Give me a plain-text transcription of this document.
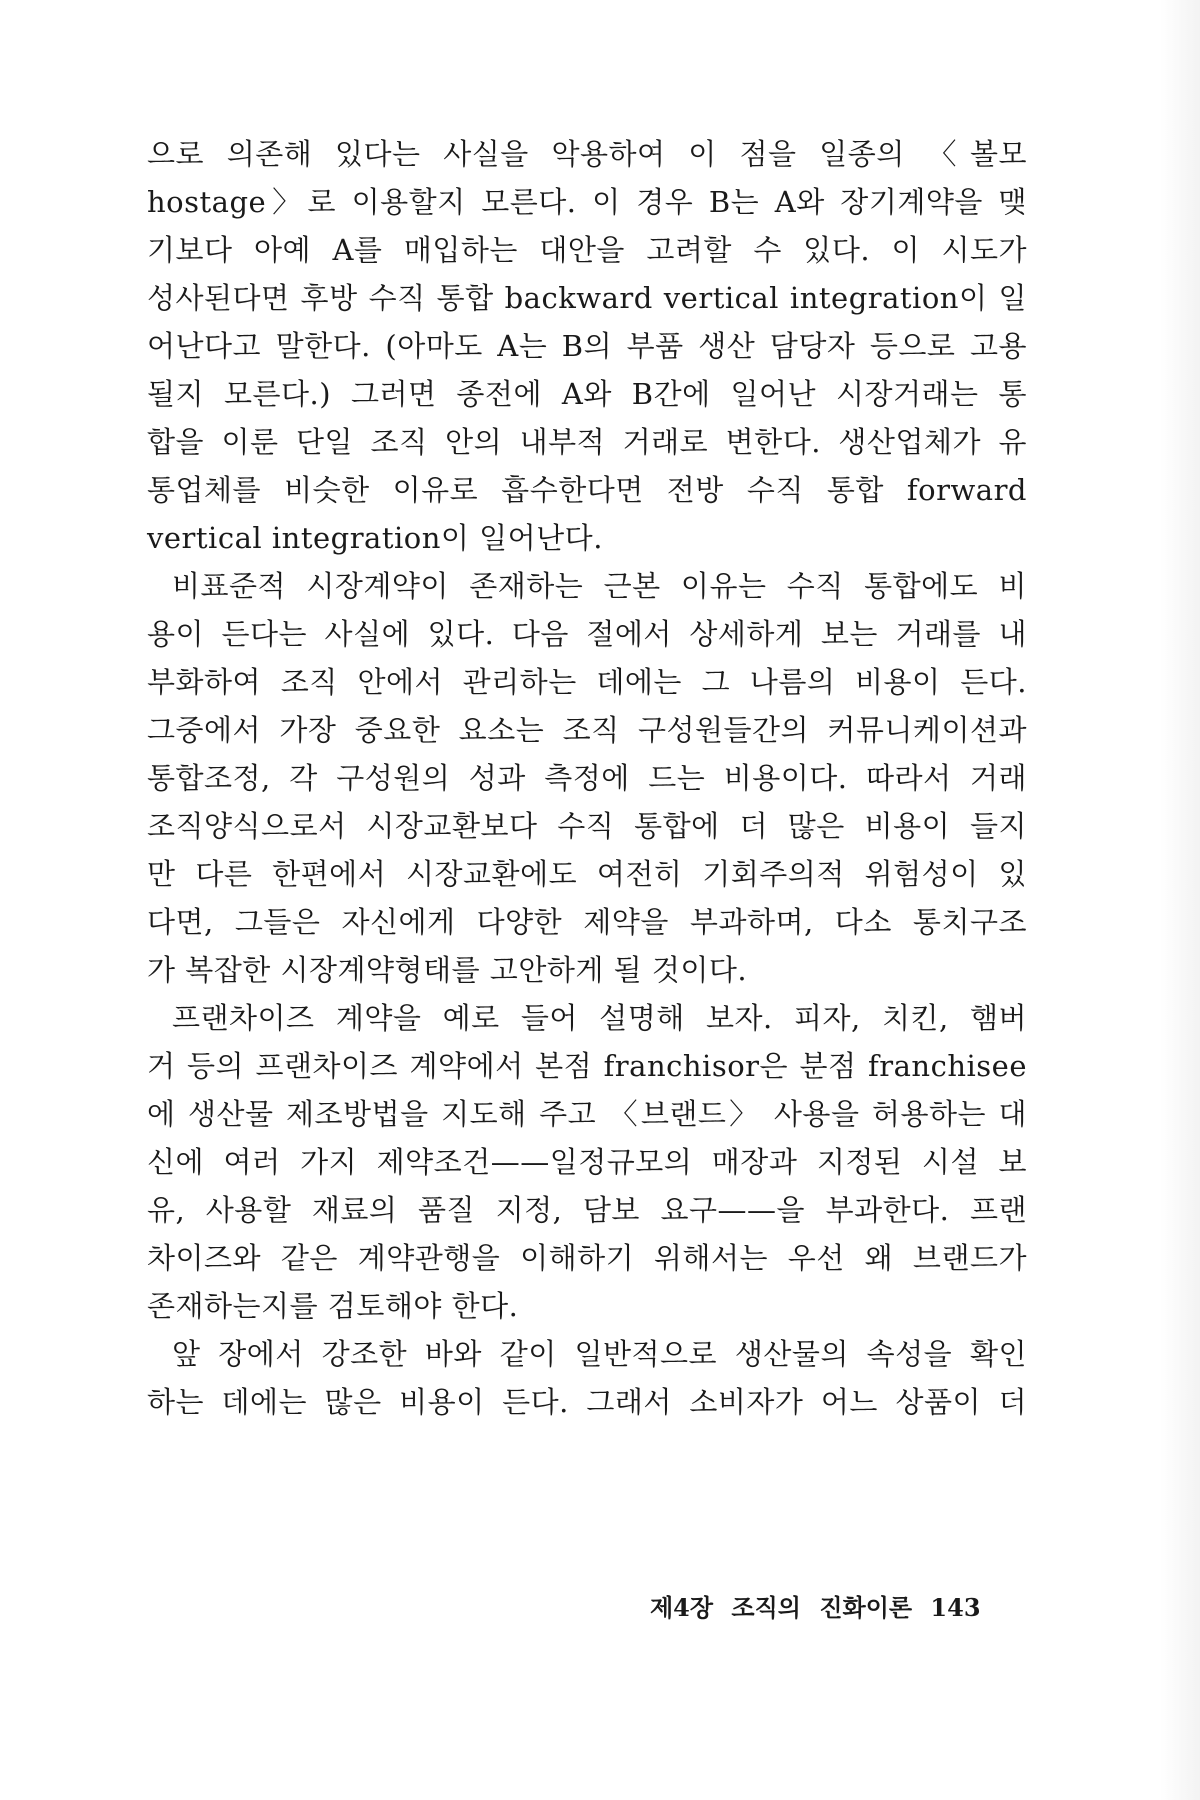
으로 의존해 있다는 사실을 악용하여 이 점을 일종의 〈볼모
hostage〉로 이용할지 모른다. 이 경우 B는 A와 장기계약을 맺
기보다 아예 A를 매입하는 대안을 고려할 수 있다. 이 시도가
성사된다면 후방 수직 통합 backward vertical integration이 일
어난다고 말한다. (아마도 A는 B의 부품 생산 담당자 등으로 고용
될지 모른다.) 그러면 종전에 A와 B간에 일어난 시장거래는 통
합을 이룬 단일 조직 안의 내부적 거래로 변한다. 생산업체가 유
통업체를 비슷한 이유로 흡수한다면 전방 수직 통합 forward
vertical integration이 일어난다.
비표준적 시장계약이 존재하는 근본 이유는 수직 통합에도 비
용이 든다는 사실에 있다. 다음 절에서 상세하게 보는 거래를 내
부화하여 조직 안에서 관리하는 데에는 그 나름의 비용이 든다.
그중에서 가장 중요한 요소는 조직 구성원들간의 커뮤니케이션과
통합조정, 각 구성원의 성과 측정에 드는 비용이다. 따라서 거래
조직양식으로서 시장교환보다 수직 통합에 더 많은 비용이 들지
만 다른 한편에서 시장교환에도 여전히 기회주의적 위험성이 있
다면, 그들은 자신에게 다양한 제약을 부과하며, 다소 통치구조
가 복잡한 시장계약형태를 고안하게 될 것이다.
프랜차이즈 계약을 예로 들어 설명해 보자. 피자, 치킨, 햄버
거 등의 프랜차이즈 계약에서 본점 franchisor은 분점 franchisee
에 생산물 제조방법을 지도해 주고 〈브랜드〉 사용을 허용하는 대
신에 여러 가지 제약조건——일정규모의 매장과 지정된 시설 보
유, 사용할 재료의 품질 지정, 담보 요구——을 부과한다. 프랜
차이즈와 같은 계약관행을 이해하기 위해서는 우선 왜 브랜드가
존재하는지를 검토해야 한다.
앞 장에서 강조한 바와 같이 일반적으로 생산물의 속성을 확인
하는 데에는 많은 비용이 든다. 그래서 소비자가 어느 상품이 더
제4장 조직의 진화이론 143
